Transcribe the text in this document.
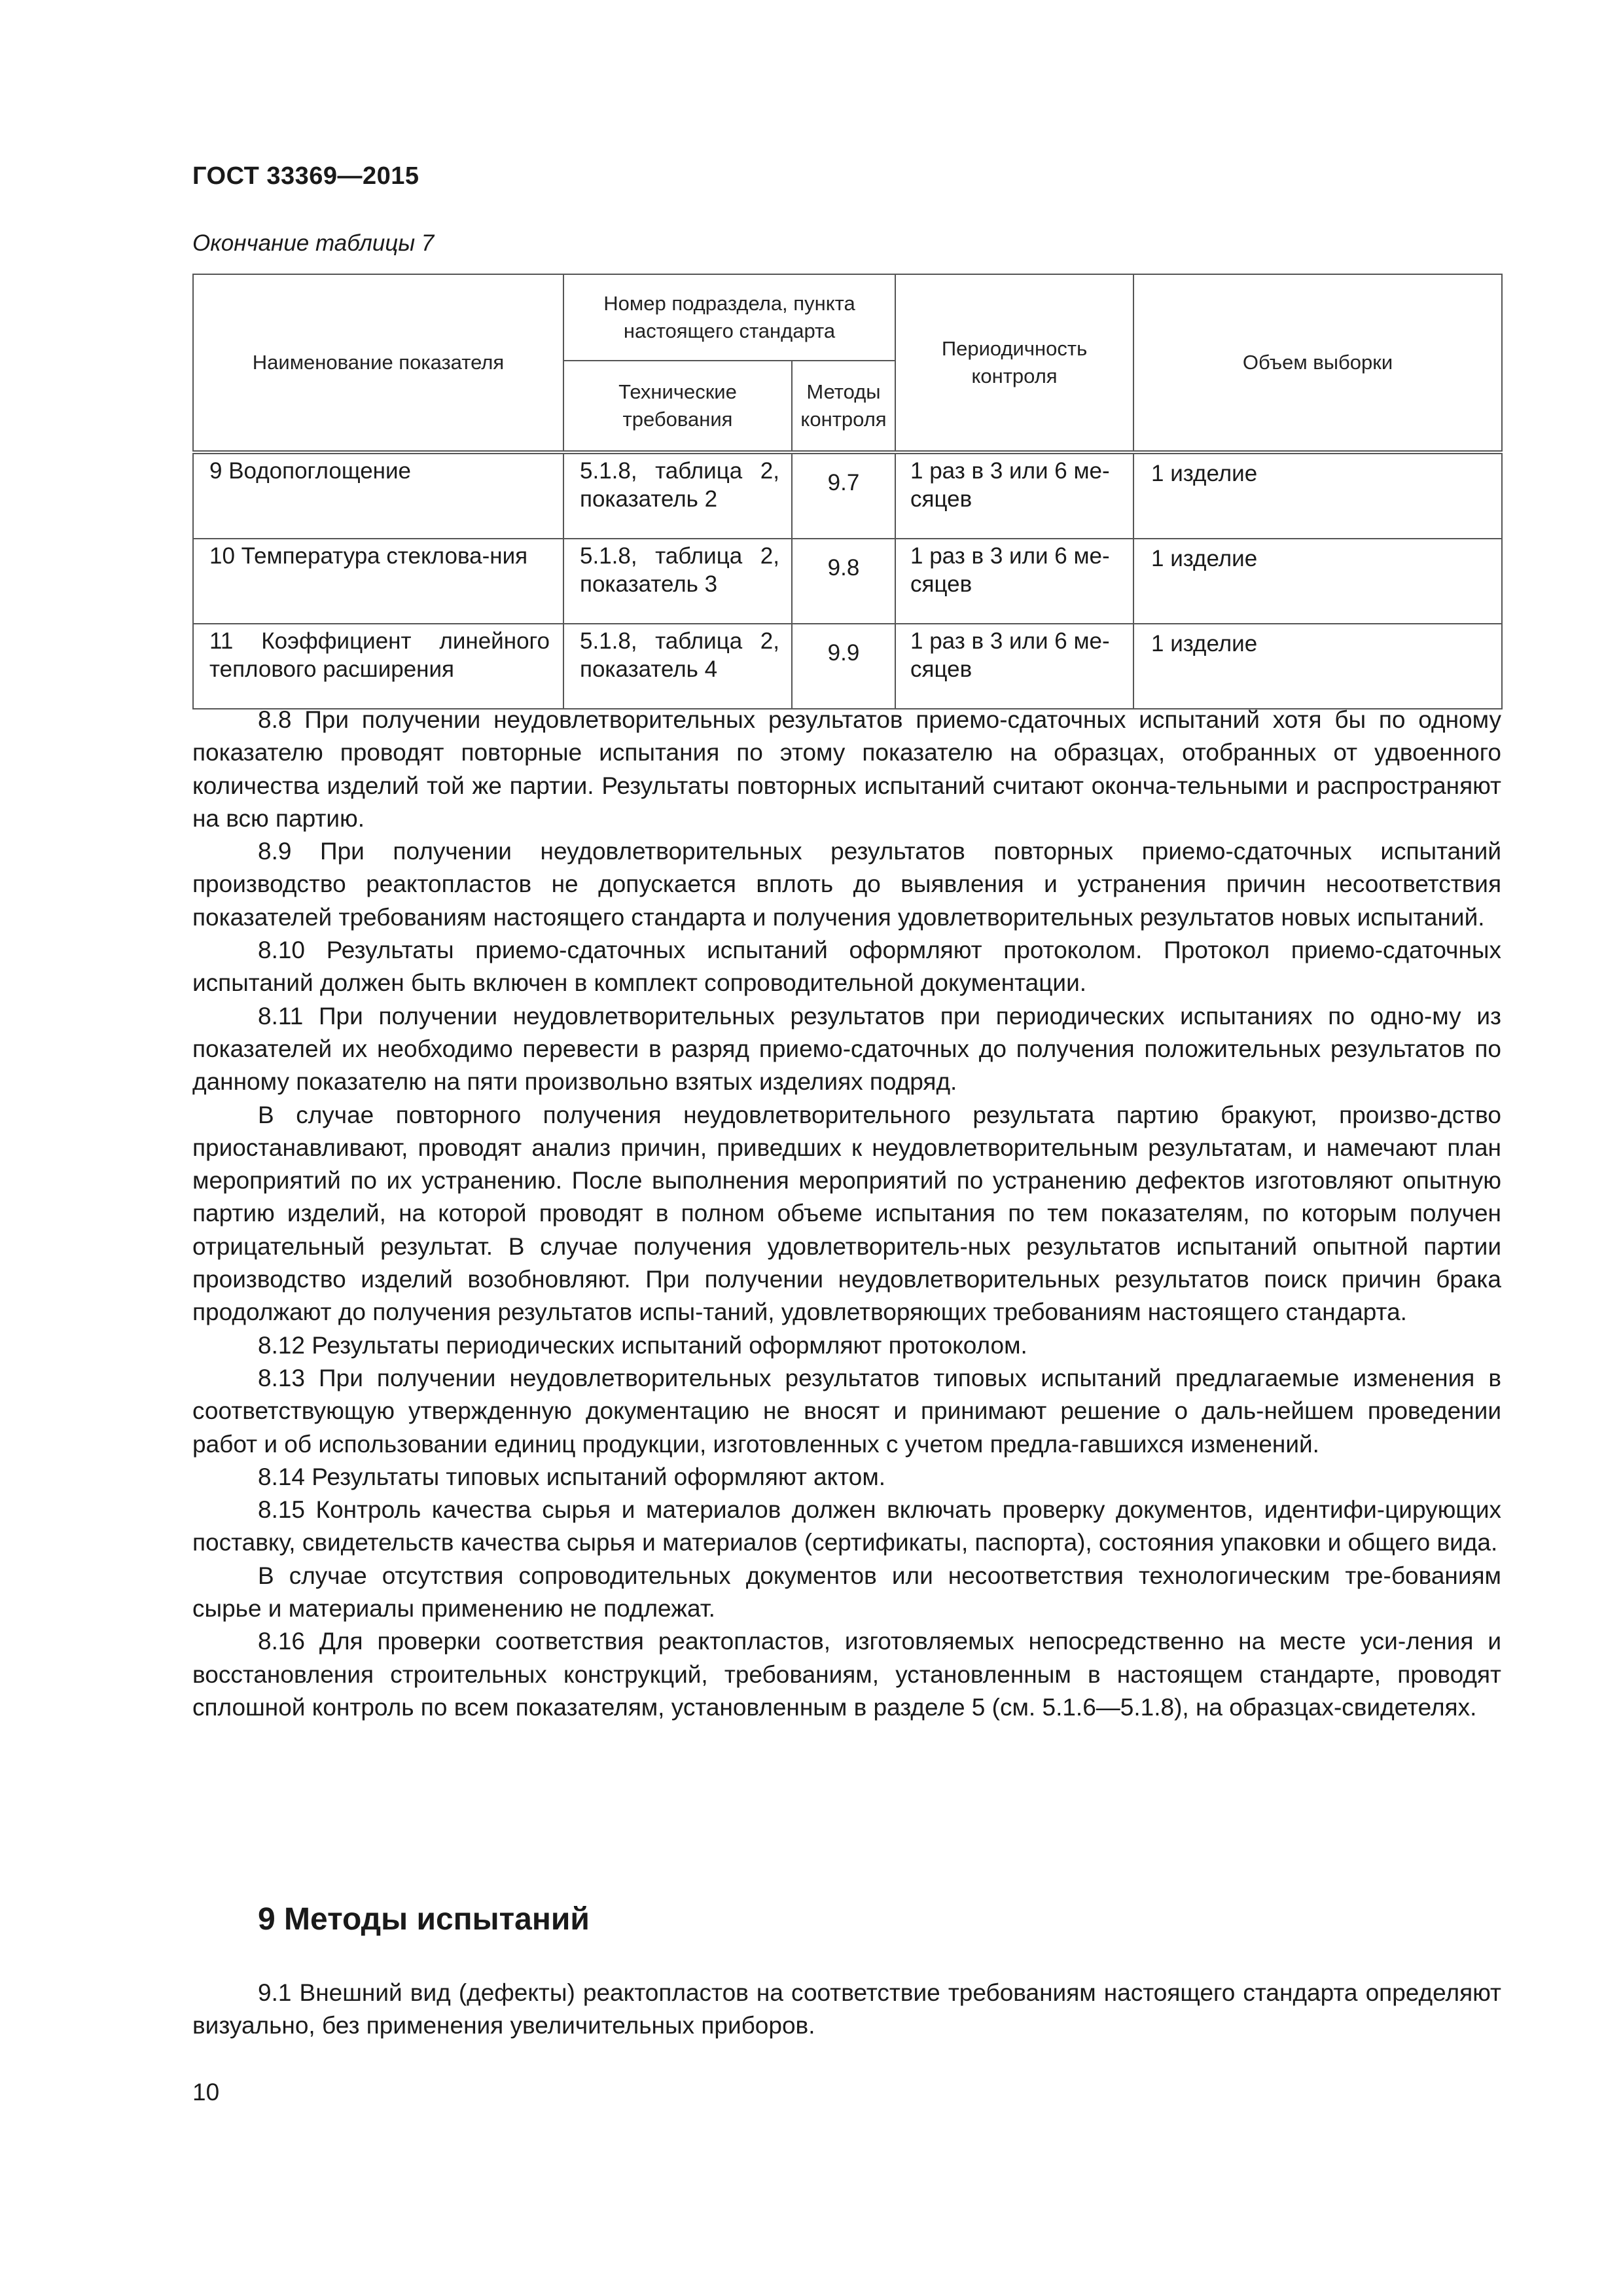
ГОСТ 33369—2015
Окончание таблицы 7
Наименование показателя	Номер подраздела, пункта настоящего стандарта		Периодичность контроля	Объем выборки
	Технические требования	Методы контроля		
9 Водопоглощение	5.1.8, таблица 2, показатель 2	9.7	1 раз в 3 или 6 ме-сяцев	1 изделие
10 Температура стеклова-ния	5.1.8, таблица 2, показатель 3	9.8	1 раз в 3 или 6 ме-сяцев	1 изделие
11 Коэффициент линейного теплового расширения	5.1.8, таблица 2, показатель 4	9.9	1 раз в 3 или 6 ме-сяцев	1 изделие

8.8 При получении неудовлетворительных результатов приемо-сдаточных испытаний хотя бы по одному показателю проводят повторные испытания по этому показателю на образцах, отобранных от удвоенного количества изделий той же партии. Результаты повторных испытаний считают оконча-тельными и распространяют на всю партию.

8.9 При получении неудовлетворительных результатов повторных приемо-сдаточных испытаний производство реактопластов не допускается вплоть до выявления и устранения причин несоответствия показателей требованиям настоящего стандарта и получения удовлетворительных результатов новых испытаний.

8.10 Результаты приемо-сдаточных испытаний оформляют протоколом. Протокол приемо-сдаточных испытаний должен быть включен в комплект сопроводительной документации.

8.11 При получении неудовлетворительных результатов при периодических испытаниях по одно-му из показателей их необходимо перевести в разряд приемо-сдаточных до получения положительных результатов по данному показателю на пяти произвольно взятых изделиях подряд.

В случае повторного получения неудовлетворительного результата партию бракуют, произво-дство приостанавливают, проводят анализ причин, приведших к неудовлетворительным результатам, и намечают план мероприятий по их устранению. После выполнения мероприятий по устранению дефектов изготовляют опытную партию изделий, на которой проводят в полном объеме испытания по тем показателям, по которым получен отрицательный результат. В случае получения удовлетворитель-ных результатов испытаний опытной партии производство изделий возобновляют. При получении неудовлетворительных результатов поиск причин брака продолжают до получения результатов испы-таний, удовлетворяющих требованиям настоящего стандарта.

8.12 Результаты периодических испытаний оформляют протоколом.

8.13 При получении неудовлетворительных результатов типовых испытаний предлагаемые изменения в соответствующую утвержденную документацию не вносят и принимают решение о даль-нейшем проведении работ и об использовании единиц продукции, изготовленных с учетом предла-гавшихся изменений.

8.14 Результаты типовых испытаний оформляют актом.

8.15 Контроль качества сырья и материалов должен включать проверку документов, идентифи-цирующих поставку, свидетельств качества сырья и материалов (сертификаты, паспорта), состояния упаковки и общего вида.

В случае отсутствия сопроводительных документов или несоответствия технологическим тре-бованиям сырье и материалы применению не подлежат.

8.16 Для проверки соответствия реактопластов, изготовляемых непосредственно на месте уси-ления и восстановления строительных конструкций, требованиям, установленным в настоящем стандарте, проводят сплошной контроль по всем показателям, установленным в разделе 5 (см. 5.1.6—5.1.8), на образцах-свидетелях.

9 Методы испытаний

9.1 Внешний вид (дефекты) реактопластов на соответствие требованиям настоящего стандарта определяют визуально, без применения увеличительных приборов.

10
